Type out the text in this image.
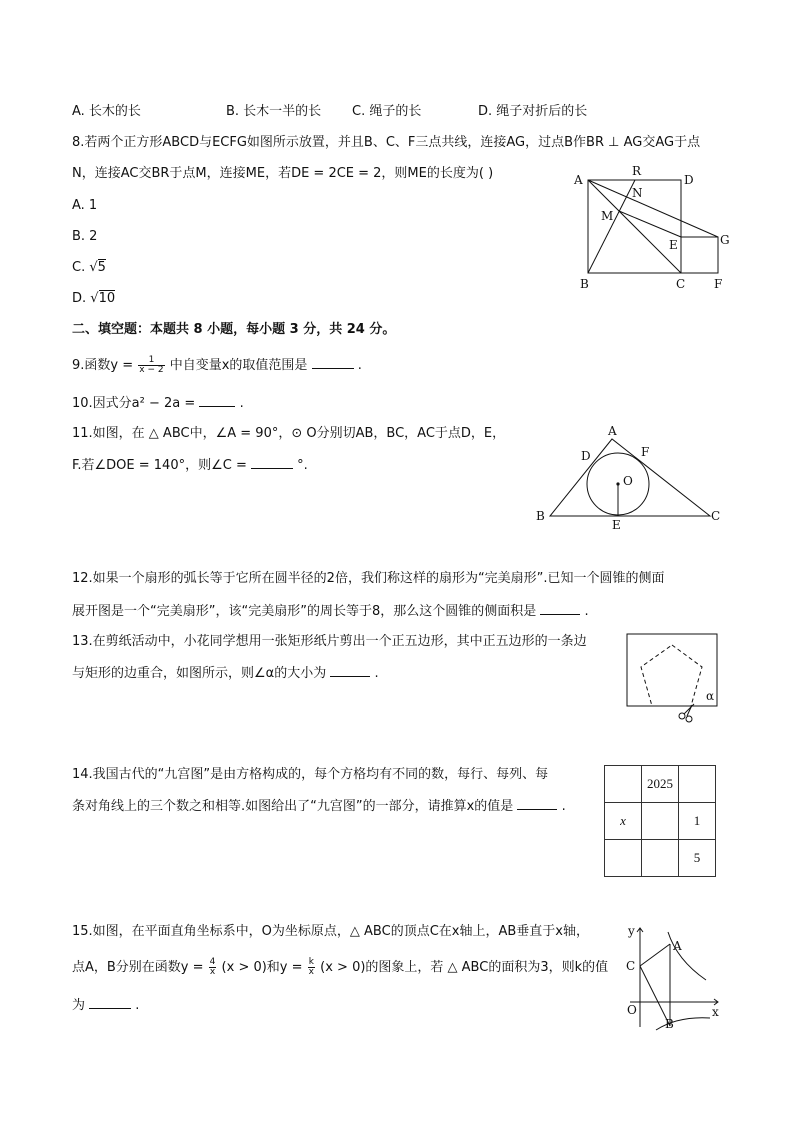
A. 长木的长	B. 长木一半的长 C. 绳子的长	D. 绳子对折后的长
8.若两个正方形ABCD与ECFG如图所示放置，并且B、C、F三点共线，连接AG，过点B作BR ⊥ AG交AG于点
N，连接AC交BR于点M，连接ME，若DE = 2CE = 2，则ME的长度为( )
A. 1
B. 2
C. √5
D. √10
A
R
D
N
M
E	G
B	C F
二、填空题：本题共 8 小题，每小题 3 分，共 24 分。
9.函数$y = \frac{1}{x - 2}$ 中自变量x的取值范围是	.
10.因式分a² − 2a =	.
11.如图，在 △ ABC中，∠A = 90°，⊙ O分别切AB，BC，AC于点D，E，
F.若∠DOE = 140°，则∠C =	°.
A
D	F
O
B
E
C
12.如果一个扇形的弧长等于它所在圆半径的2倍，我们称这样的扇形为“完美扇形”.已知一个圆锥的侧面
展开图是一个“完美扇形”，该“完美扇形”的周长等于8，那么这个圆锥的侧面积是	.
13.在剪纸活动中，小花同学想用一张矩形纸片剪出一个正五边形，其中正五边形的一条边
与矩形的边重合，如图所示，则∠α的大小为	.
α
14.我国古代的“九宫图”是由方格构成的，每个方格均有不同的数，每行、每列、每
条对角线上的三个数之和相等.如图给出了“九宫图”的一部分，请推算x的值是	.
	2025	
x		1
		5
15.如图，在平面直角坐标系中，O为坐标原点，△ ABC的顶点C在x轴上，AB垂直于x轴，
点A，B分别在函数$y = \frac{4}{x} (x > 0)$和$y = \frac{k}{x} (x > 0)$的图象上，若 △ ABC的面积为3，则k的值
为	.
y
A
C
O
B
x
